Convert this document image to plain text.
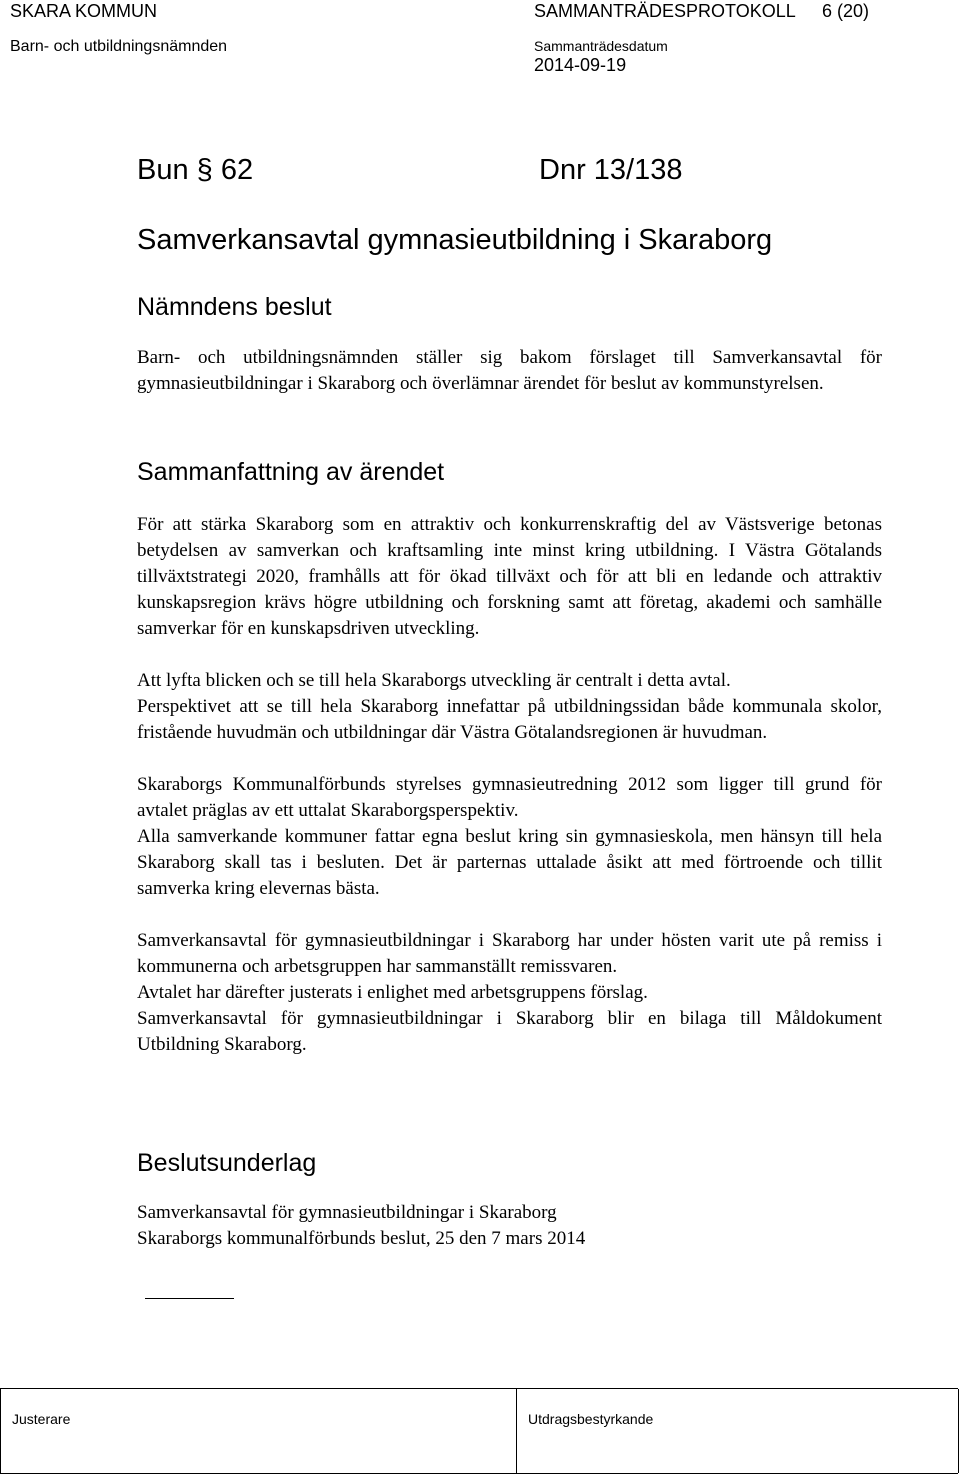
SKARA KOMMUN	SAMMANTRÄDESPROTOKOLL 6 (20)
Barn- och utbildningsnämnden	Sammanträdesdatum
2014-09-19
Bun § 62	Dnr 13/138
Samverkansavtal gymnasieutbildning i Skaraborg
Nämndens beslut

Barn- och utbildningsnämnden ställer sig bakom förslaget till Samverkansavtal för gymnasieutbildningar i Skaraborg och överlämnar ärendet för beslut av kommunstyrelsen.

Sammanfattning av ärendet

För att stärka Skaraborg som en attraktiv och konkurrenskraftig del av Västsverige betonas betydelsen av samverkan och kraftsamling inte minst kring utbildning. I Västra Götalands tillväxtstrategi 2020, framhålls att för ökad tillväxt och för att bli en ledande och attraktiv kunskapsregion krävs högre utbildning och forskning samt att företag, akademi och samhälle samverkar för en kunskapsdriven utveckling.

Att lyfta blicken och se till hela Skaraborgs utveckling är centralt i detta avtal.

Perspektivet att se till hela Skaraborg innefattar på utbildningssidan både kommunala skolor, fristående huvudmän och utbildningar där Västra Götalandsregionen är huvudman.

Skaraborgs Kommunalförbunds styrelses gymnasieutredning 2012 som ligger till grund för avtalet präglas av ett uttalat Skaraborgsperspektiv.

Alla samverkande kommuner fattar egna beslut kring sin gymnasieskola, men hänsyn till hela Skaraborg skall tas i besluten. Det är parternas uttalade åsikt att med förtroende och tillit samverka kring elevernas bästa.

Samverkansavtal för gymnasieutbildningar i Skaraborg har under hösten varit ute på remiss i kommunerna och arbetsgruppen har sammanställt remissvaren.

Avtalet har därefter justerats i enlighet med arbetsgruppens förslag.

Samverkansavtal för gymnasieutbildningar i Skaraborg blir en bilaga till Måldokument Utbildning Skaraborg.

Beslutsunderlag

Samverkansavtal för gymnasieutbildningar i Skaraborg

Skaraborgs kommunalförbunds beslut, 25 den 7 mars 2014

Justerare	Utdragsbestyrkande
